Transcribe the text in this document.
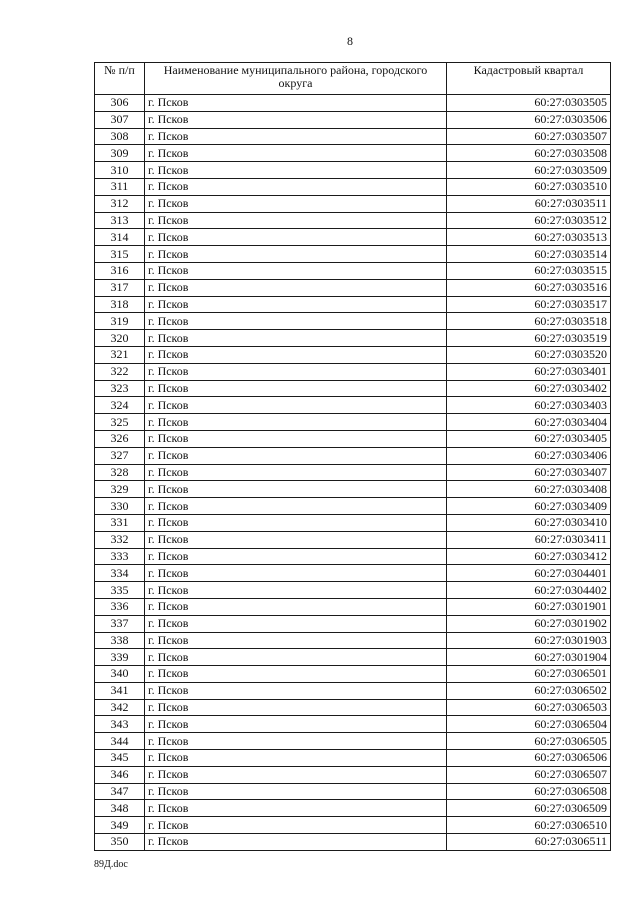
8
№ п/п	Наименование муниципального района, городского округа	Кадастровый квартал
306	г. Псков	60:27:0303505
307	г. Псков	60:27:0303506
308	г. Псков	60:27:0303507
309	г. Псков	60:27:0303508
310	г. Псков	60:27:0303509
311	г. Псков	60:27:0303510
312	г. Псков	60:27:0303511
313	г. Псков	60:27:0303512
314	г. Псков	60:27:0303513
315	г. Псков	60:27:0303514
316	г. Псков	60:27:0303515
317	г. Псков	60:27:0303516
318	г. Псков	60:27:0303517
319	г. Псков	60:27:0303518
320	г. Псков	60:27:0303519
321	г. Псков	60:27:0303520
322	г. Псков	60:27:0303401
323	г. Псков	60:27:0303402
324	г. Псков	60:27:0303403
325	г. Псков	60:27:0303404
326	г. Псков	60:27:0303405
327	г. Псков	60:27:0303406
328	г. Псков	60:27:0303407
329	г. Псков	60:27:0303408
330	г. Псков	60:27:0303409
331	г. Псков	60:27:0303410
332	г. Псков	60:27:0303411
333	г. Псков	60:27:0303412
334	г. Псков	60:27:0304401
335	г. Псков	60:27:0304402
336	г. Псков	60:27:0301901
337	г. Псков	60:27:0301902
338	г. Псков	60:27:0301903
339	г. Псков	60:27:0301904
340	г. Псков	60:27:0306501
341	г. Псков	60:27:0306502
342	г. Псков	60:27:0306503
343	г. Псков	60:27:0306504
344	г. Псков	60:27:0306505
345	г. Псков	60:27:0306506
346	г. Псков	60:27:0306507
347	г. Псков	60:27:0306508
348	г. Псков	60:27:0306509
349	г. Псков	60:27:0306510
350	г. Псков	60:27:0306511
89Д.doc
